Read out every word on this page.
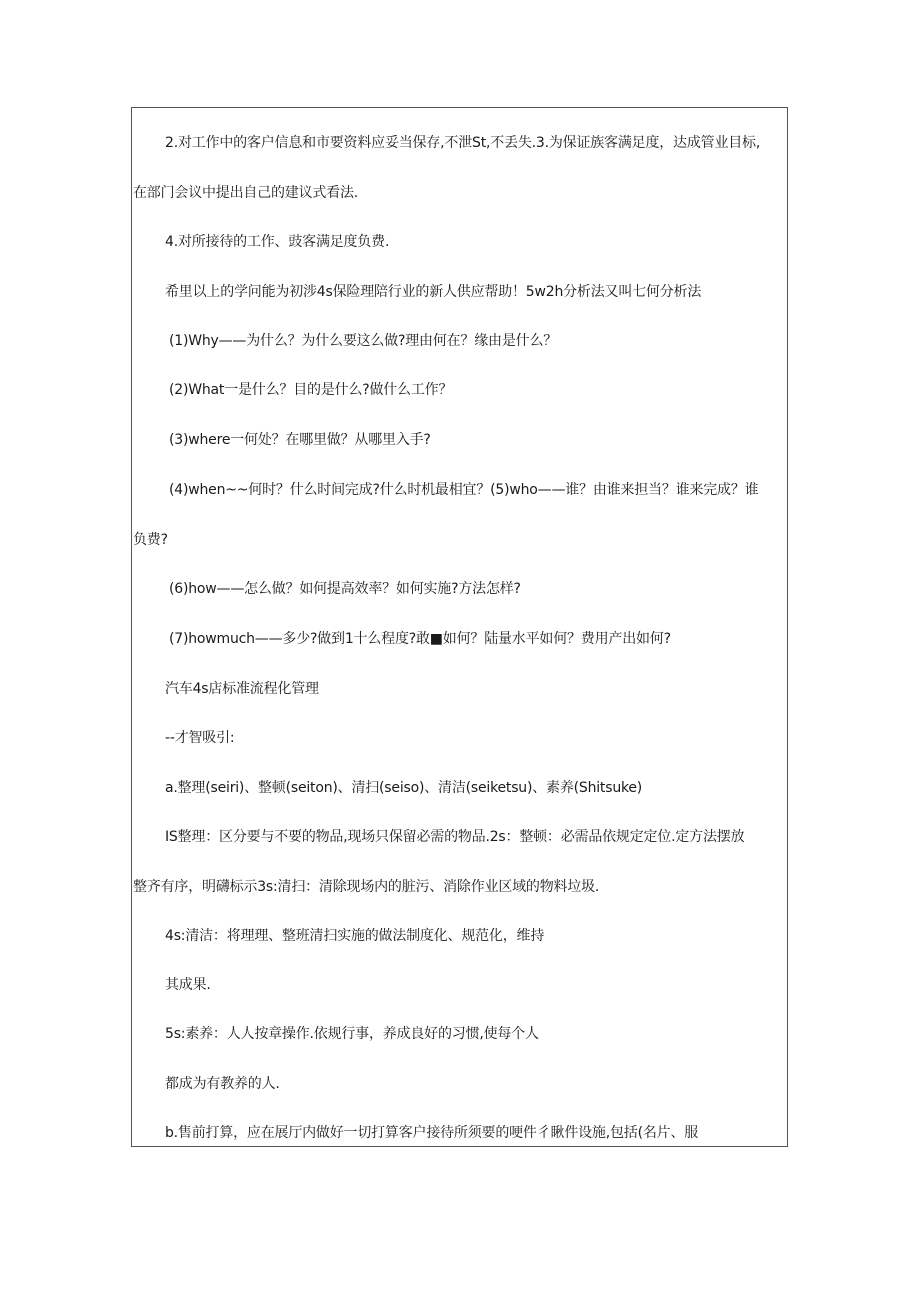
2.对工作中的客户信息和市要资料应妥当保存,不泄St,不丢失.3.为保证族客满足度，达成管业目标,
在部门会议中提出自己的建议式看法.
4.对所接待的工作、豉客满足度负费.
希里以上的学问能为初涉4s保险理陪行业的新人供应帮助！5w2h分析法又叫七何分析法
(1)Why——为什么？为什么要这么做?理由何在？缘由是什么？
(2)What一是什么？目的是什么?做什么工作？
(3)where一何处？在哪里做？从哪里入手?
(4)when~~何时？什么时间完成?什么时机最相宜？(5)who——谁？由谁来担当？谁来完成？谁
负费?
(6)how——怎么做？如何提高效率？如何实施?方法怎样?
(7)howmuch——多少?做到1十么程度?敢■如何？陆量水平如何？费用产出如何?
汽车4s店标准流程化管理
--才智吸引:
a.整理(seiri)、整顿(seiton)、清扫(seiso)、清洁(seiketsu)、素养(Shitsuke)
IS整理：区分要与不要的物品,现场只保留必需的物品.2s：整顿：必需品依规定定位.定方法摆放
整齐有序，明礴标示3s:清扫：清除现场内的脏污、消除作业区域的物料垃圾.
4s:清洁：将理理、整班清扫实施的做法制度化、规范化，维持
其成果.
5s:素养：人人按章操作.依规行事，养成良好的习惯,使每个人
都成为有教养的人.
b.售前打算，应在展厅内做好一切打算客户接待所须要的哽件彳瞅件设施,包括(名片、服
